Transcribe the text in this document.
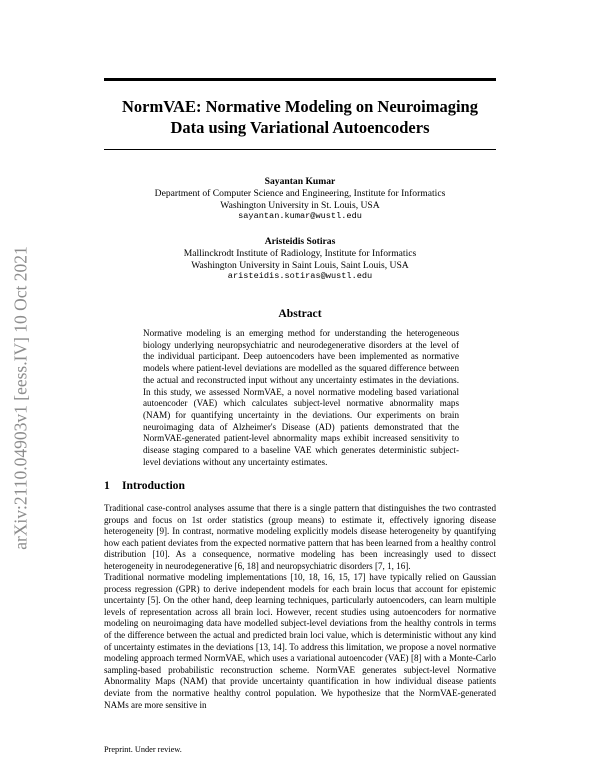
arXiv:2110.04903v1 [eess.IV] 10 Oct 2021
NormVAE: Normative Modeling on Neuroimaging
Data using Variational Autoencoders
Sayantan Kumar
Department of Computer Science and Engineering, Institute for Informatics
Washington University in St. Louis, USA
sayantan.kumar@wustl.edu
Aristeidis Sotiras
Mallinckrodt Institute of Radiology, Institute for Informatics
Washington University in Saint Louis, Saint Louis, USA
aristeidis.sotiras@wustl.edu
Abstract

Normative modeling is an emerging method for understanding the heterogeneous biology underlying neuropsychiatric and neurodegenerative disorders at the level of the individual participant. Deep autoencoders have been implemented as normative models where patient-level deviations are modelled as the squared difference between the actual and reconstructed input without any uncertainty estimates in the deviations. In this study, we assessed NormVAE, a novel normative modeling based variational autoencoder (VAE) which calculates subject-level normative abnormality maps (NAM) for quantifying uncertainty in the deviations. Our experiments on brain neuroimaging data of Alzheimer's Disease (AD) patients demonstrated that the NormVAE-generated patient-level abnormality maps exhibit increased sensitivity to disease staging compared to a baseline VAE which generates deterministic subject-level deviations without any uncertainty estimates.

1 Introduction

Traditional case-control analyses assume that there is a single pattern that distinguishes the two contrasted groups and focus on 1st order statistics (group means) to estimate it, effectively ignoring disease heterogeneity [9]. In contrast, normative modeling explicitly models disease heterogeneity by quantifying how each patient deviates from the expected normative pattern that has been learned from a healthy control distribution [10]. As a consequence, normative modeling has been increasingly used to dissect heterogeneity in neurodegenerative [6, 18] and neuropsychiatric disorders [7, 1, 16].

Traditional normative modeling implementations [10, 18, 16, 15, 17] have typically relied on Gaussian process regression (GPR) to derive independent models for each brain locus that account for epistemic uncertainty [5]. On the other hand, deep learning techniques, particularly autoencoders, can learn multiple levels of representation across all brain loci. However, recent studies using autoencoders for normative modeling on neuroimaging data have modelled subject-level deviations from the healthy controls in terms of the difference between the actual and predicted brain loci value, which is deterministic without any kind of uncertainty estimates in the deviations [13, 14]. To address this limitation, we propose a novel normative modeling approach termed NormVAE, which uses a variational autoencoder (VAE) [8] with a Monte-Carlo sampling-based probabilistic reconstruction scheme. NormVAE generates subject-level Normative Abnormality Maps (NAM) that provide uncertainty quantification in how individual disease patients deviate from the normative healthy control population. We hypothesize that the NormVAE-generated NAMs are more sensitive in

Preprint. Under review.
